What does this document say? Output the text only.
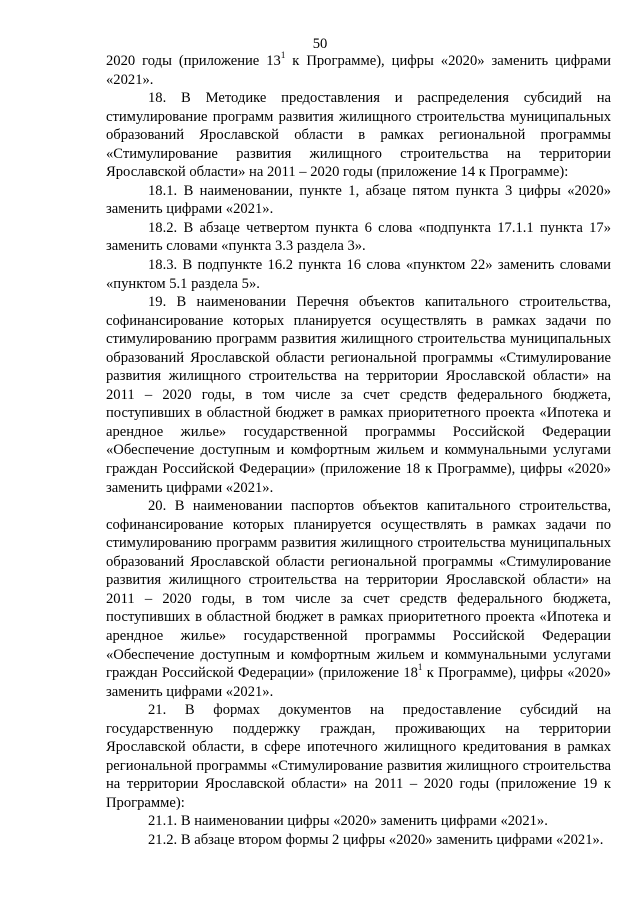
50

2020 годы (приложение $13^1$ к Программе), цифры «2020» заменить цифрами «2021».

18. В Методике предоставления и распределения субсидий на стимулирование программ развития жилищного строительства муниципальных образований Ярославской области в рамках региональной программы «Стимулирование развития жилищного строительства на территории Ярославской области» на 2011 – 2020 годы (приложение 14 к Программе):

18.1. В наименовании, пункте 1, абзаце пятом пункта 3 цифры «2020» заменить цифрами «2021».

18.2. В абзаце четвертом пункта 6 слова «подпункта 17.1.1 пункта 17» заменить словами «пункта 3.3 раздела 3».

18.3. В подпункте 16.2 пункта 16 слова «пунктом 22» заменить словами «пунктом 5.1 раздела 5».

19. В наименовании Перечня объектов капитального строительства, софинансирование которых планируется осуществлять в рамках задачи по стимулированию программ развития жилищного строительства муниципальных образований Ярославской области региональной программы «Стимулирование развития жилищного строительства на территории Ярославской области» на 2011 – 2020 годы, в том числе за счет средств федерального бюджета, поступивших в областной бюджет в рамках приоритетного проекта «Ипотека и арендное жилье» государственной программы Российской Федерации «Обеспечение доступным и комфортным жильем и коммунальными услугами граждан Российской Федерации» (приложение 18 к Программе), цифры «2020» заменить цифрами «2021».

20. В наименовании паспортов объектов капитального строительства, софинансирование которых планируется осуществлять в рамках задачи по стимулированию программ развития жилищного строительства муниципальных образований Ярославской области региональной программы «Стимулирование развития жилищного строительства на территории Ярославской области» на 2011 – 2020 годы, в том числе за счет средств федерального бюджета, поступивших в областной бюджет в рамках приоритетного проекта «Ипотека и арендное жилье» государственной программы Российской Федерации «Обеспечение доступным и комфортным жильем и коммунальными услугами граждан Российской Федерации» (приложение $18^1$ к Программе), цифры «2020» заменить цифрами «2021».

21. В формах документов на предоставление субсидий на государственную поддержку граждан, проживающих на территории Ярославской области, в сфере ипотечного жилищного кредитования в рамках региональной программы «Стимулирование развития жилищного строительства на территории Ярославской области» на 2011 – 2020 годы (приложение 19 к Программе):

21.1. В наименовании цифры «2020» заменить цифрами «2021».

21.2. В абзаце втором формы 2 цифры «2020» заменить цифрами «2021».
